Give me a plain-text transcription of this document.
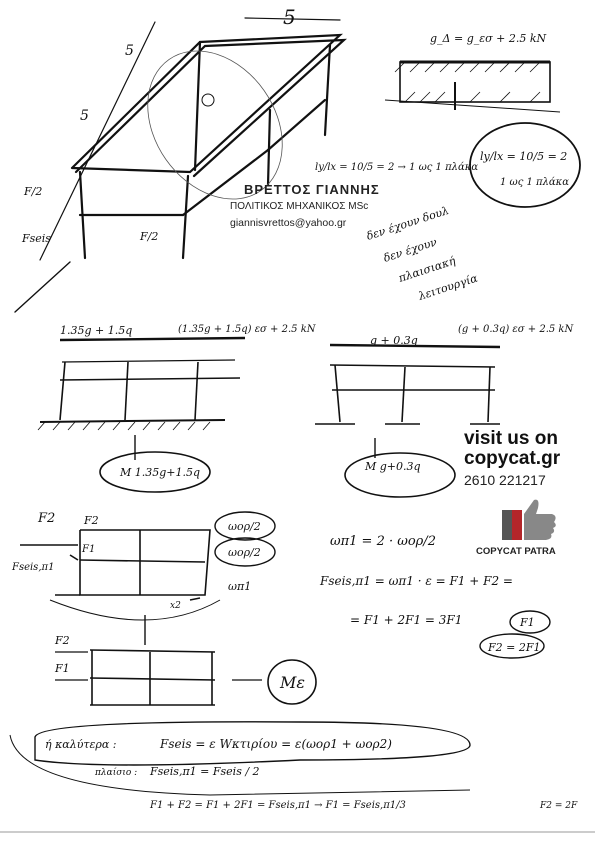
5
5
5
F/2
Fseis	F/2
g_Δ = g_εσ + 2.5 kN
ly/lx = 10/5 = 2 → 1 ως 1 πλάκα
ly/lx = 10/5 = 2
1 ως 1 πλάκα
δεν έχουν δουλ
δεν έχουν
πλαισιακή
λειτουργία
1.35g + 1.5q	(1.35g + 1.5q) εσ + 2.5 kN
M 1.35g+1.5q
g + 0.3q
(g + 0.3q) εσ + 2.5 kN
M g+0.3q
F2	F2
F1
Fseis,π1
ωορ/2
ωορ/2
ωπ1
x2
ωπ1 = 2 · ωορ/2
Fseis,π1 = ωπ1 · ε = F1 + F2 =
= F1 + 2F1 = 3F1	F1
F2 = 2F1
F2
F1
Mε
ή καλύτερα :	Fseis = ε Wκτιρίου = ε(ωορ1 + ωορ2)
πλαίσιο : Fseis,π1 = Fseis / 2
F1 + F2 = F1 + 2F1 = Fseis,π1 → F1 = Fseis,π1/3	F2 = 2F
ΒΡΕΤΤΟΣ ΓΙΑΝΝΗΣ
ΠΟΛΙΤΙΚΟΣ ΜΗΧΑΝΙΚΟΣ MSc
giannisvrettos@yahoo.gr
visit us on
copycat.gr
2610 221217
COPYCAT PATRA
